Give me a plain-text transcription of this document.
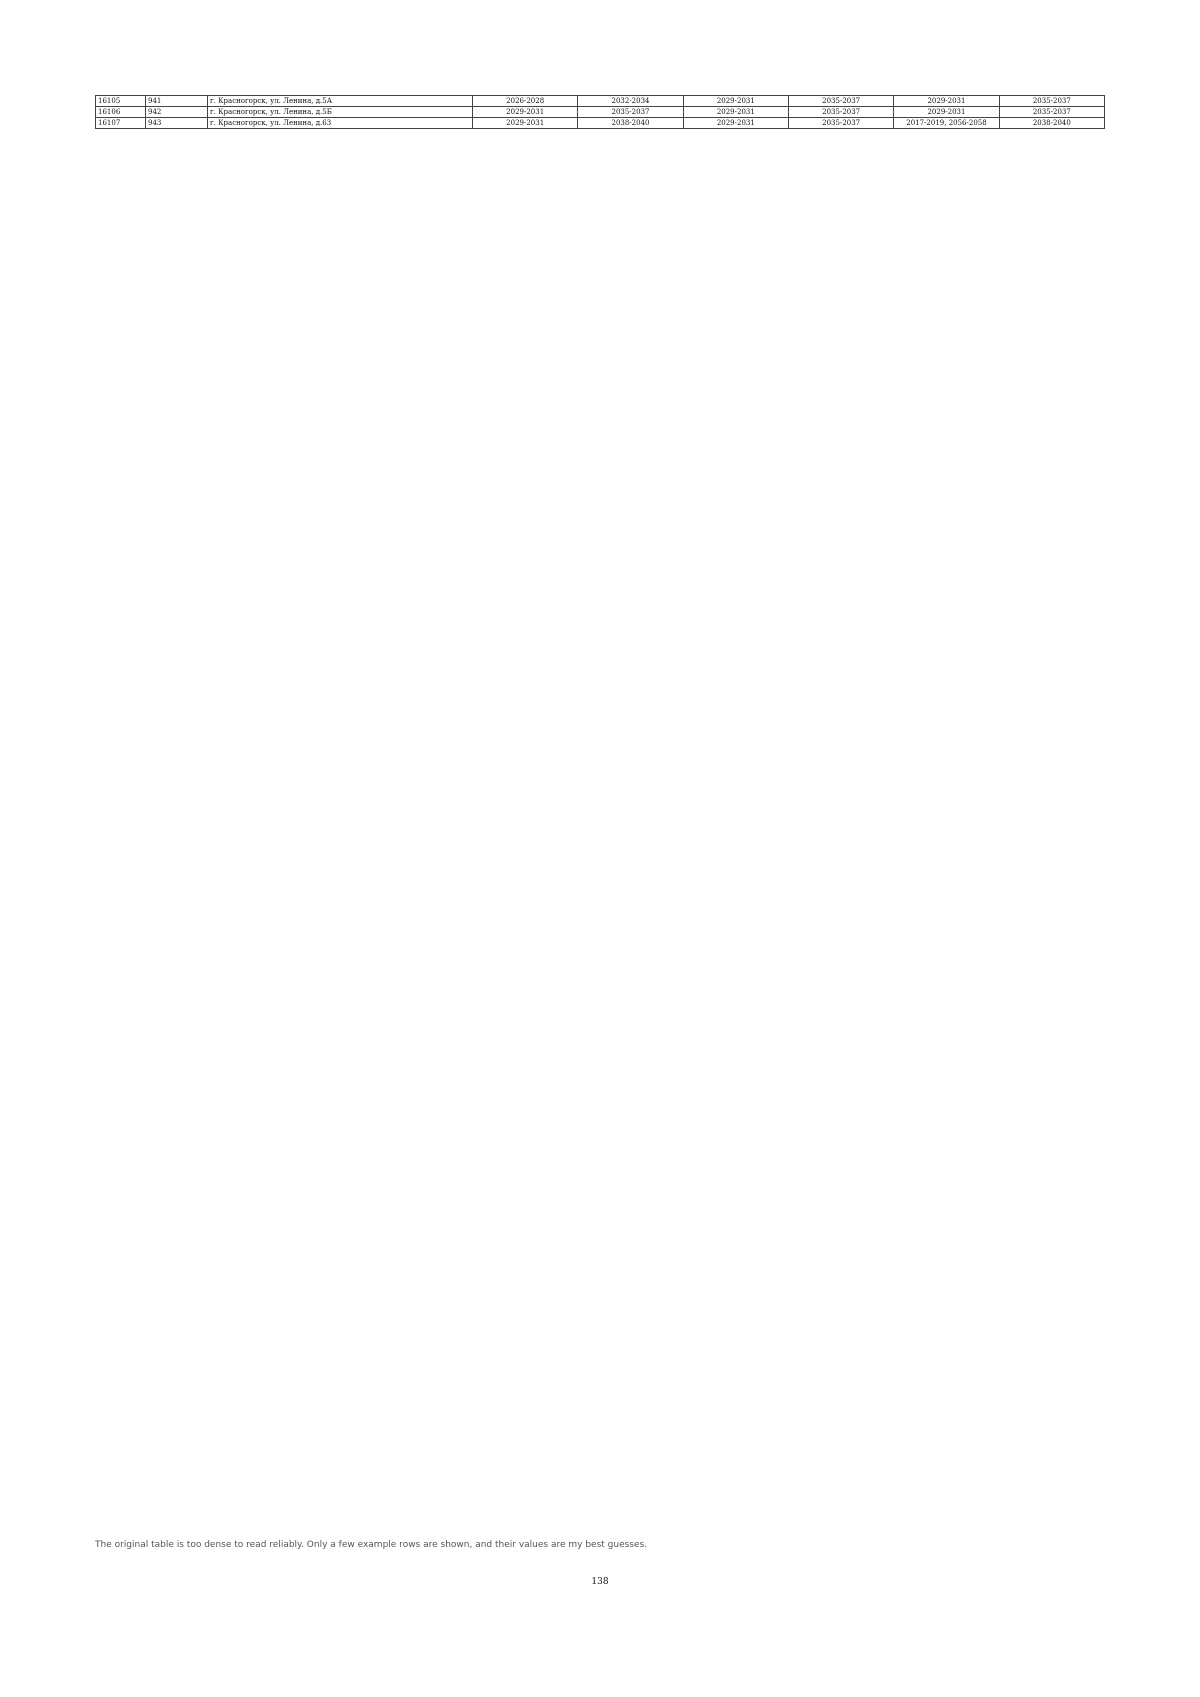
16105	941	г. Красногорск, ул. Ленина, д.5А	2026-2028	2032-2034	2029-2031	2035-2037	2029-2031	2035-2037
16106	942	г. Красногорск, ул. Ленина, д.5Б	2029-2031	2035-2037	2029-2031	2035-2037	2029-2031	2035-2037
16107	943	г. Красногорск, ул. Ленина, д.63	2029-2031	2038-2040	2029-2031	2035-2037	2017-2019, 2056-2058	2038-2040
The original table is too dense to read reliably. Only a few example rows are shown, and their values are my best guesses.
138
